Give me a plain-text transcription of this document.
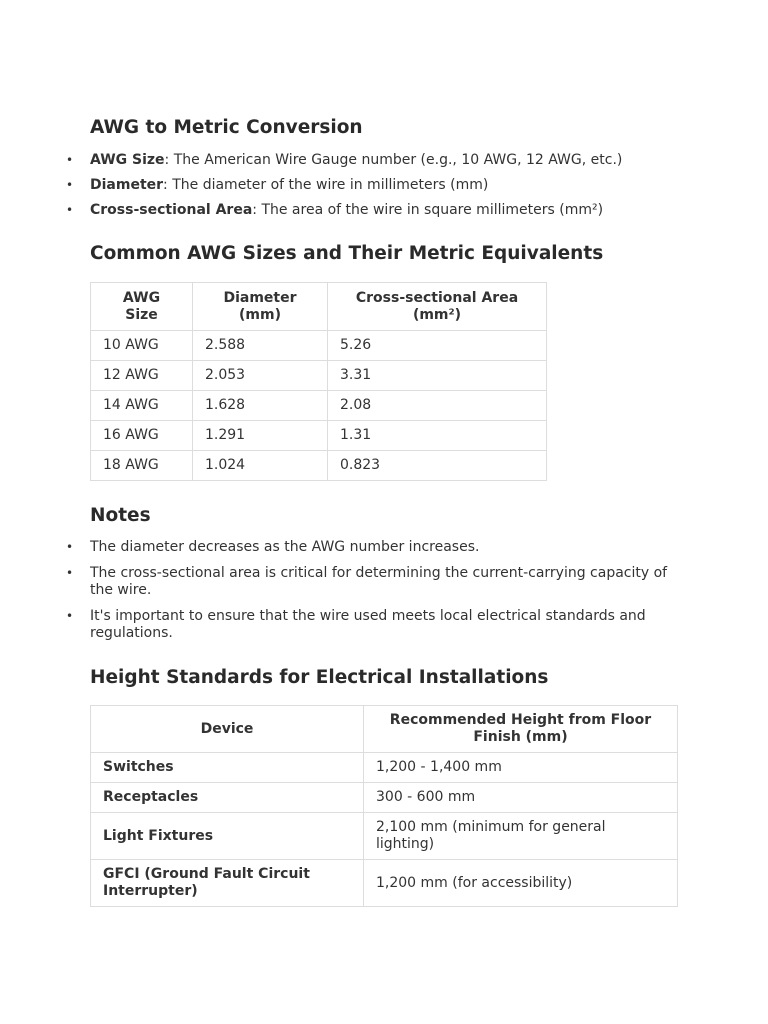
AWG to Metric Conversion
• AWG Size: The American Wire Gauge number (e.g., 10 AWG, 12 AWG, etc.)
• Diameter: The diameter of the wire in millimeters (mm)
• Cross-sectional Area: The area of the wire in square millimeters (mm²)
Common AWG Sizes and Their Metric Equivalents
AWG Size	Diameter (mm)	Cross-sectional Area (mm²)
10 AWG	2.588	5.26
12 AWG	2.053	3.31
14 AWG	1.628	2.08
16 AWG	1.291	1.31
18 AWG	1.024	0.823
Notes
• The diameter decreases as the AWG number increases.
• The cross-sectional area is critical for determining the current-carrying capacity of the wire.
• It's important to ensure that the wire used meets local electrical standards and regulations.
Height Standards for Electrical Installations
Device	Recommended Height from Floor Finish (mm)
Switches	1,200 - 1,400 mm
Receptacles	300 - 600 mm
Light Fixtures	2,100 mm (minimum for general lighting)
GFCI (Ground Fault Circuit Interrupter)	1,200 mm (for accessibility)
